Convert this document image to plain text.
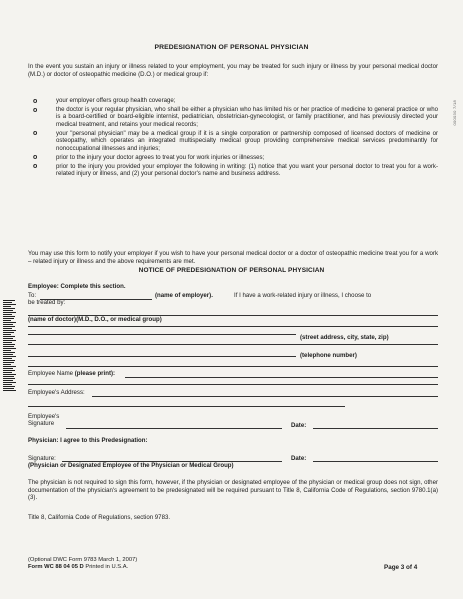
000030 7/18
PREDESIGNATION OF PERSONAL PHYSICIAN
In the event you sustain an injury or illness related to your employment, you may be treated for such injury or illness by your personal medical doctor (M.D.) or doctor of osteopathic medicine (D.O.) or medical group if:
o	your employer offers group health coverage;
o	the doctor is your regular physician, who shall be either a physician who has limited his or her practice of medicine to general practice or who is a board-certified or board-eligible internist, pediatrician, obstetrician-gynecologist, or family practitioner, and has previously directed your medical treatment, and retains your medical records;
o	your "personal physician" may be a medical group if it is a single corporation or partnership composed of licensed doctors of medicine or osteopathy, which operates an integrated multispecialty medical group providing comprehensive medical services predominantly for nonoccupational illnesses and injuries;
o	prior to the injury your doctor agrees to treat you for work injuries or illnesses;
o	prior to the injury you provided your employer the following in writing: (1) notice that you want your personal doctor to treat you for a work-related injury or illness, and (2) your personal doctor's name and business address.
You may use this form to notify your employer if you wish to have your personal medical doctor or a doctor of osteopathic medicine treat you for a work – related injury or illness and the above requirements are met.
NOTICE OF PREDESIGNATION OF PERSONAL PHYSICIAN
Employee: Complete this section.
To:	(name of employer).	If I have a work-related injury or illness, I choose to
be treated by:
(name of doctor)(M.D., D.O., or medical group)
(street address, city, state, zip)
(telephone number)
Employee Name (please print):
Employee's Address:
Employee's
Signature	Date:
Physician: I agree to this Predesignation:
Signature:	Date:
(Physician or Designated Employee of the Physician or Medical Group)
The physician is not required to sign this form, however, if the physician or designated employee of the physician or medical group does not sign, other documentation of the physician's agreement to be predesignated will be required pursuant to Title 8, California Code of Regulations, section 9780.1(a)(3).
Title 8, California Code of Regulations, section 9783.
(Optional DWC Form 9783 March 1, 2007)
Form WC 88 04 05 D Printed in U.S.A.	Page 3 of 4
